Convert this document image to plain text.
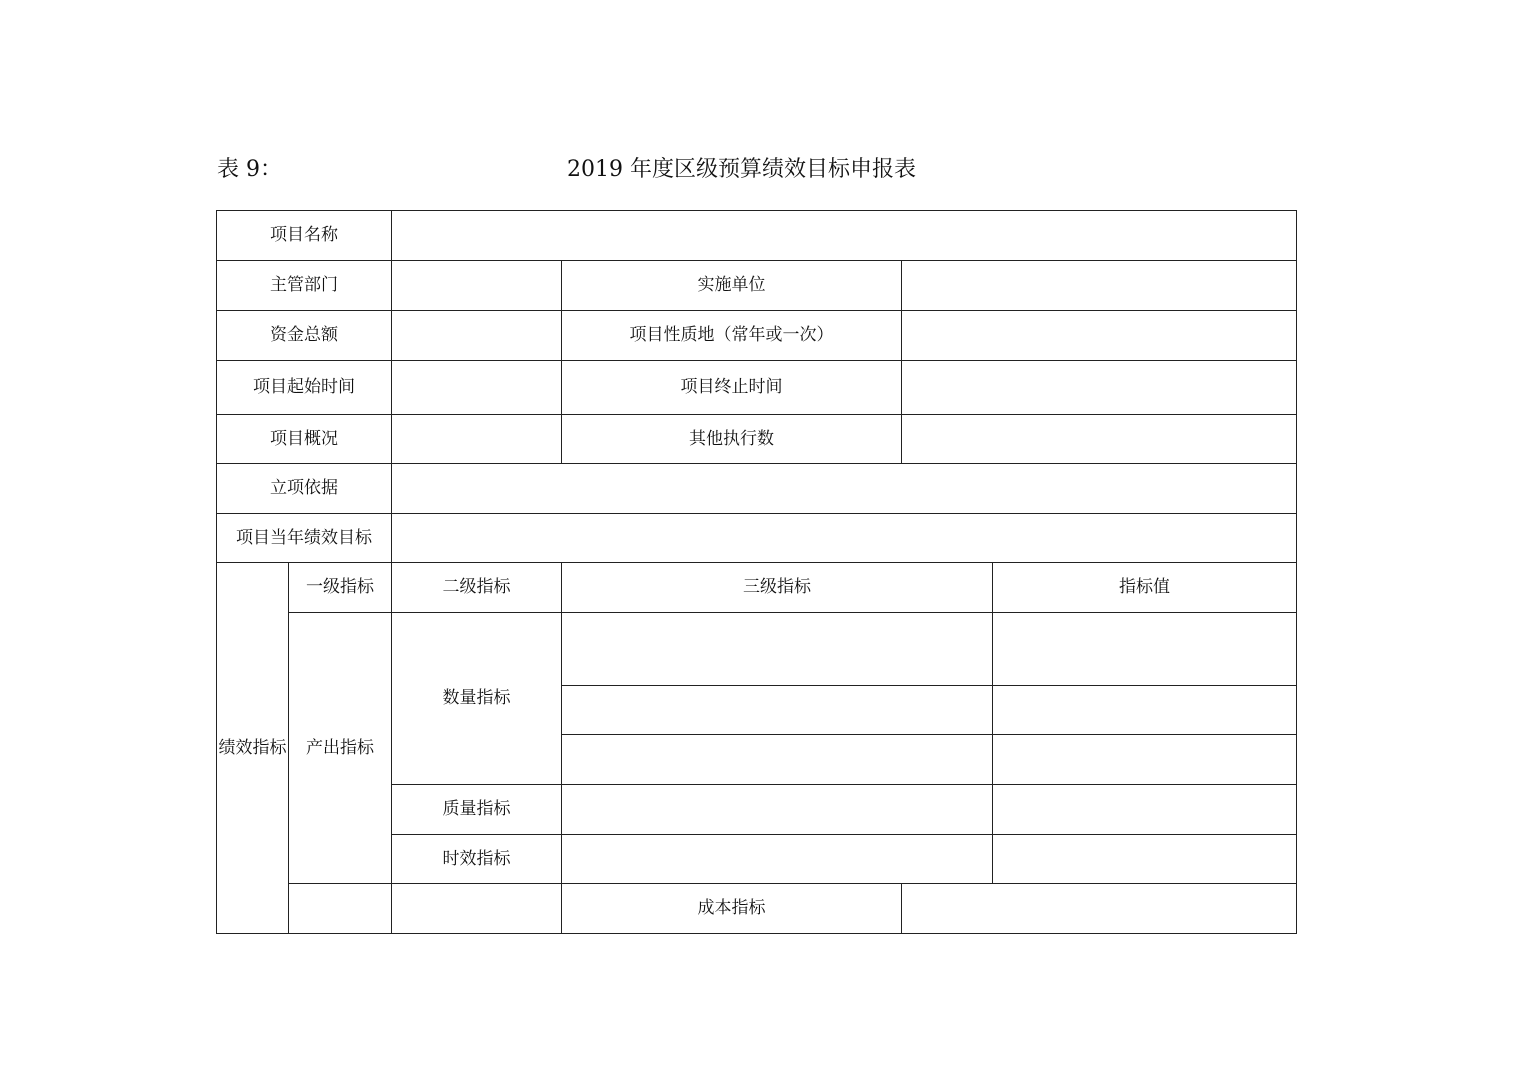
表 9：	2019 年度区级预算绩效目标申报表
项目名称						
主管部门			实施单位			
资金总额			项目性质地（常年或一次）			
项目起始时间			项目终止时间			
项目概况			其他执行数			
立项依据						
项目当年绩效目标						
绩效指标	一级指标	二级指标	三级指标		指标值	
	产出指标	数量指标				

		质量指标				
		时效指标				
			成本指标			
